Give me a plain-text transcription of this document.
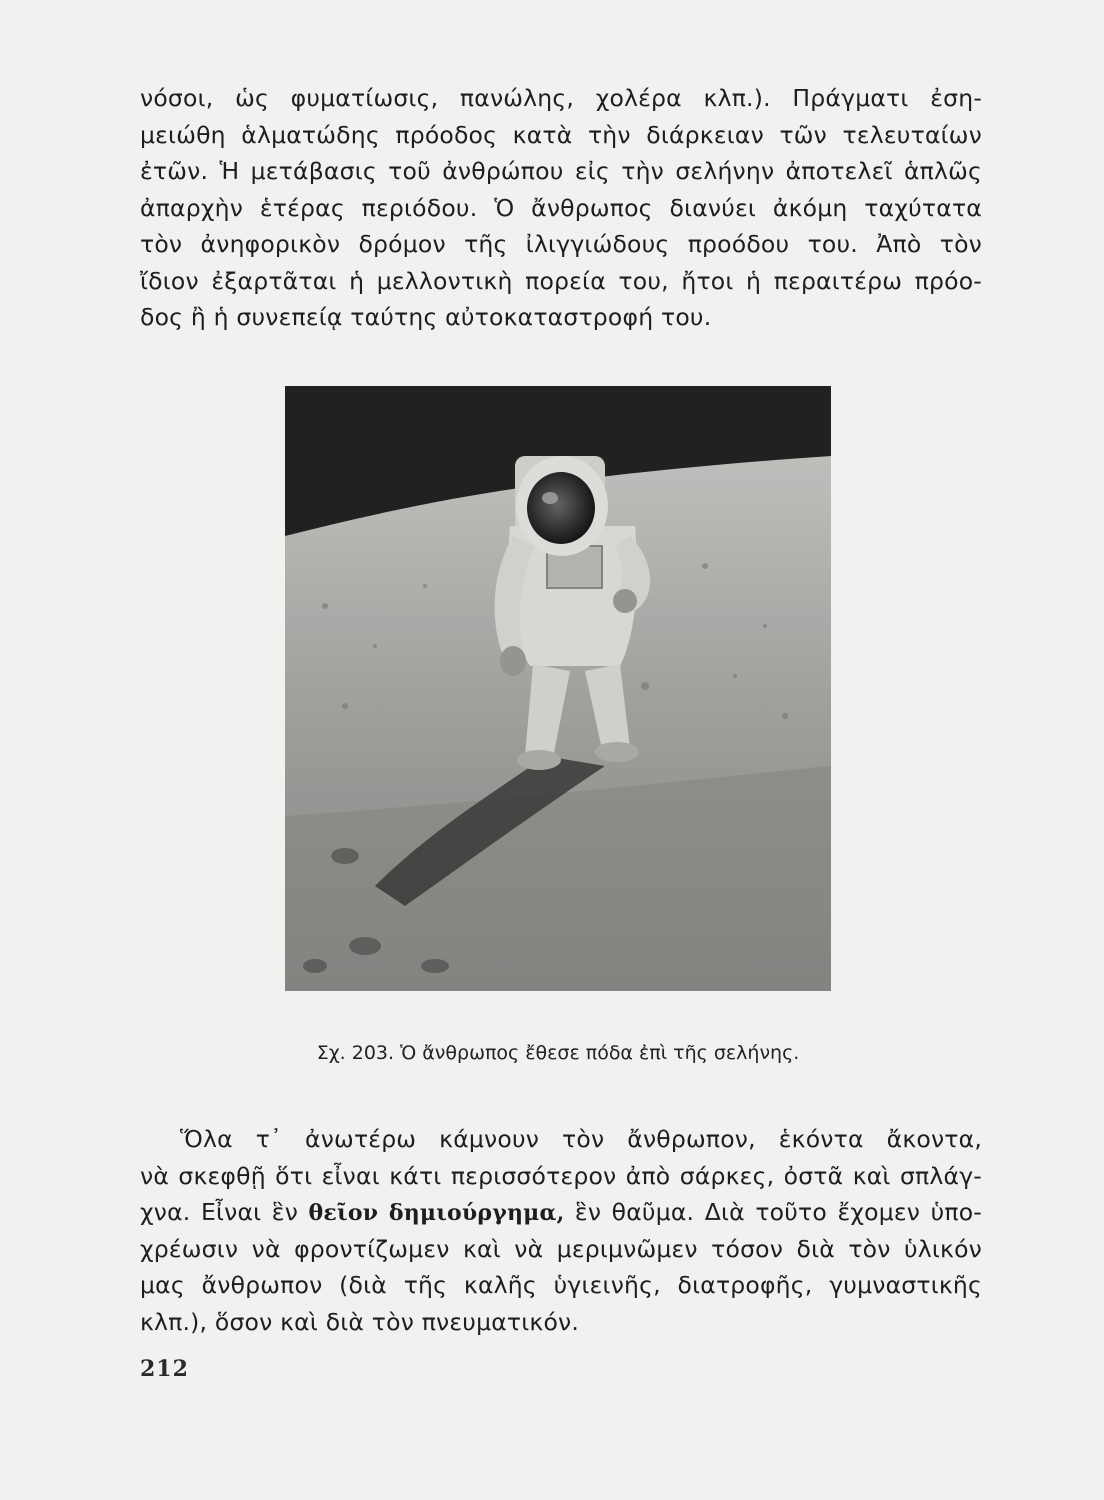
νόσοι, ὡς φυματίωσις, πανώλης, χολέρα κλπ.). Πράγματι ἐση-
μειώθη ἁλματώδης πρόοδος κατὰ τὴν διάρκειαν τῶν τελευταίων
ἐτῶν. Ἡ μετάβασις τοῦ ἀνθρώπου εἰς τὴν σελήνην ἀποτελεῖ ἁπλῶς
ἀπαρχὴν ἑτέρας περιόδου. Ὁ ἄνθρωπος διανύει ἀκόμη ταχύτατα
τὸν ἀνηφορικὸν δρόμον τῆς ἰλιγγιώδους προόδου του. Ἀπὸ τὸν
ἴδιον ἐξαρτᾶται ἡ μελλοντικὴ πορεία του, ἤτοι ἡ περαιτέρω πρόο-
δος ἢ ἡ συνεπείᾳ ταύτης αὐτοκαταστροφή του.
Σχ. 203. Ὁ ἄνθρωπος ἔθεσε πόδα ἐπὶ τῆς σελήνης.
Ὅλα τ᾽ ἀνωτέρω κάμνουν τὸν ἄνθρωπον, ἑκόντα ἄκοντα,
νὰ σκεφθῇ ὅτι εἶναι κάτι περισσότερον ἀπὸ σάρκες, ὀστᾶ καὶ σπλάγ-
χνα. Εἶναι ἓν θεῖον δημιούργημα, ἓν θαῦμα. Διὰ τοῦτο ἔχομεν ὑπο-
χρέωσιν νὰ φροντίζωμεν καὶ νὰ μεριμνῶμεν τόσον διὰ τὸν ὑλικόν
μας ἄνθρωπον (διὰ τῆς καλῆς ὑγιεινῆς, διατροφῆς, γυμναστικῆς
κλπ.), ὅσον καὶ διὰ τὸν πνευματικόν.
212
